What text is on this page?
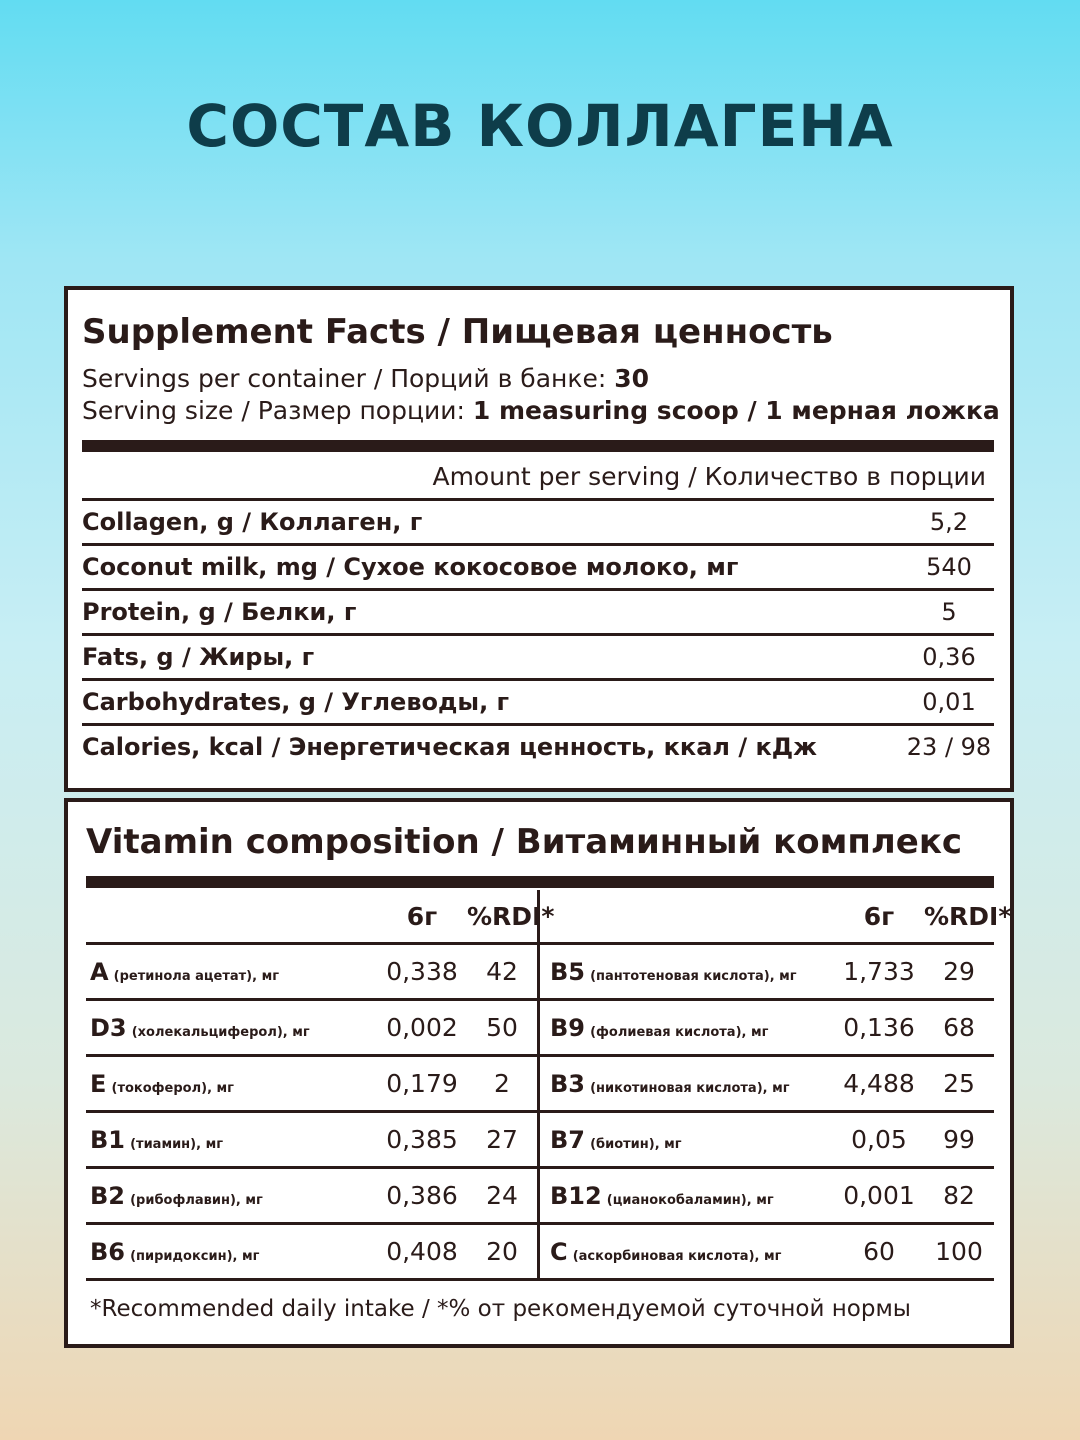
СОСТАВ КОЛЛАГЕНА
Supplement Facts / Пищевая ценность
Servings per container / Порций в банке: 30
Serving size / Размер порции: 1 measuring scoop / 1 мерная ложка
Amount per serving / Количество в порции
Collagen, g / Коллаген, г	5,2
Coconut milk, mg / Сухое кокосовое молоко, мг	540
Protein, g / Белки, г	5
Fats, g / Жиры, г	0,36
Carbohydrates, g / Углеводы, г	0,01
Calories, kcal / Энергетическая ценность, ккал / кДж	23 / 98
Vitamin composition / Витаминный комплекс
6г	%RDI*
A (ретинола ацетат), мг	0,338	42
D3 (холекальциферол), мг	0,002	50
E (токоферол), мг	0,179	2
B1 (тиамин), мг	0,385	27
B2 (рибофлавин), мг	0,386	24
B6 (пиридоксин), мг	0,408	20
6г	%RDI*
B5 (пантотеновая кислота), мг	1,733	29
B9 (фолиевая кислота), мг	0,136	68
B3 (никотиновая кислота), мг	4,488	25
B7 (биотин), мг	0,05	99
B12 (цианокобаламин), мг	0,001	82
C (аскорбиновая кислота), мг	60	100
*Recommended daily intake / *% от рекомендуемой суточной нормы
